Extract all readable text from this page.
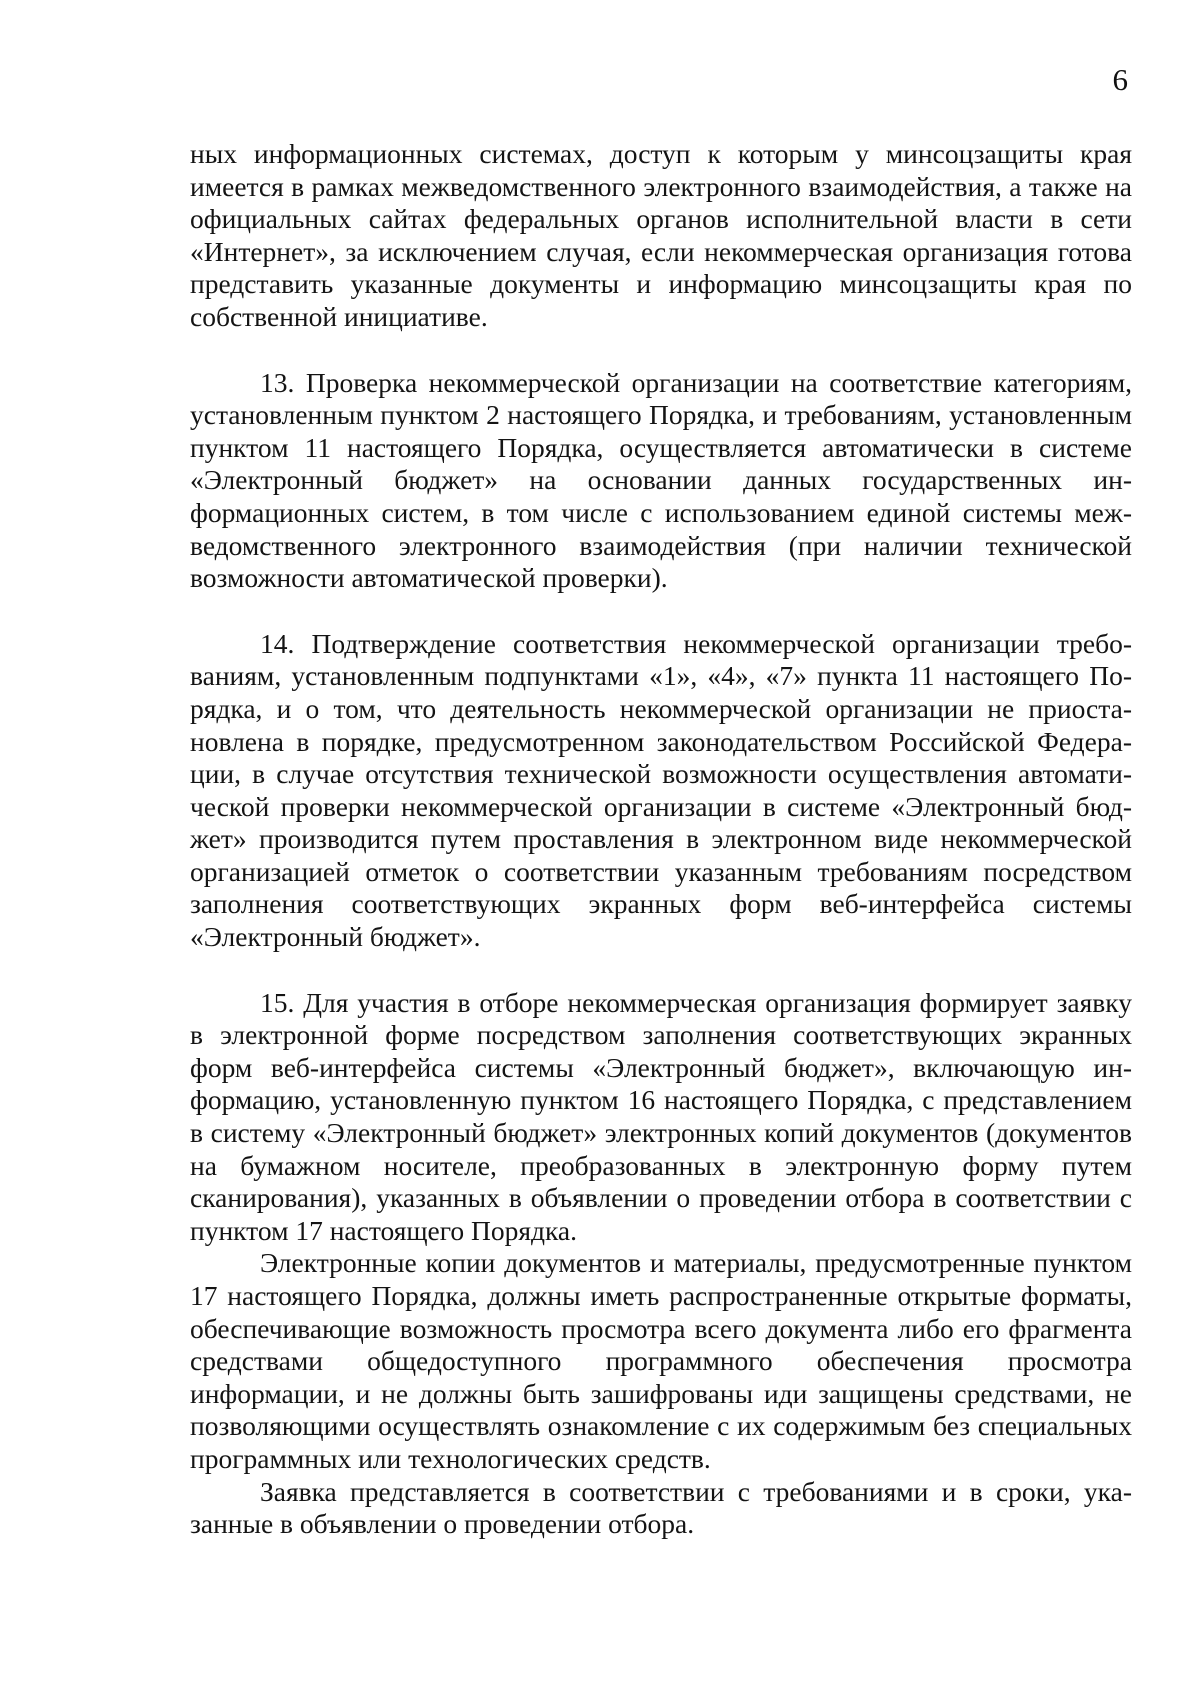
6

ных информационных системах, доступ к которым у минсоцзащиты края имеется в рамках межведомственного электронного взаимодействия, а также на официальных сайтах федеральных органов исполнительной власти в сети «Интернет», за исключением случая, если некоммерческая организация готова представить указанные документы и информацию минсоцзащиты края по собственной инициативе.

13. Проверка некоммерческой организации на соответствие категориям, установленным пунктом 2 настоящего Порядка, и требованиям, установленным пунктом 11 настоящего Порядка, осуществляется автоматически в системе «Электронный бюджет» на основании данных государственных информационных систем, в том числе с использованием единой системы межведомственного электронного взаимодействия (при наличии технической возможности автоматической проверки).

14. Подтверждение соответствия некоммерческой организации требованиям, установленным подпунктами «1», «4», «7» пункта 11 настоящего Порядка, и о том, что деятельность некоммерческой организации не приостановлена в порядке, предусмотренном законодательством Российской Федерации, в случае отсутствия технической возможности осуществления автоматической проверки некоммерческой организации в системе «Электронный бюджет» производится путем проставления в электронном виде некоммерческой организацией отметок о соответствии указанным требованиям посредством заполнения соответствующих экранных форм веб-интерфейса системы «Электронный бюджет».

15. Для участия в отборе некоммерческая организация формирует заявку в электронной форме посредством заполнения соответствующих экранных форм веб-интерфейса системы «Электронный бюджет», включающую информацию, установленную пунктом 16 настоящего Порядка, с представлением в систему «Электронный бюджет» электронных копий документов (документов на бумажном носителе, преобразованных в электронную форму путем сканирования), указанных в объявлении о проведении отбора в соответствии с пунктом 17 настоящего Порядка.

Электронные копии документов и материалы, предусмотренные пунктом 17 настоящего Порядка, должны иметь распространенные открытые форматы, обеспечивающие возможность просмотра всего документа либо его фрагмента средствами общедоступного программного обеспечения просмотра информации, и не должны быть зашифрованы иди защищены средствами, не позволяющими осуществлять ознакомление с их содержимым без специальных программных или технологических средств.

Заявка представляется в соответствии с требованиями и в сроки, указанные в объявлении о проведении отбора.
